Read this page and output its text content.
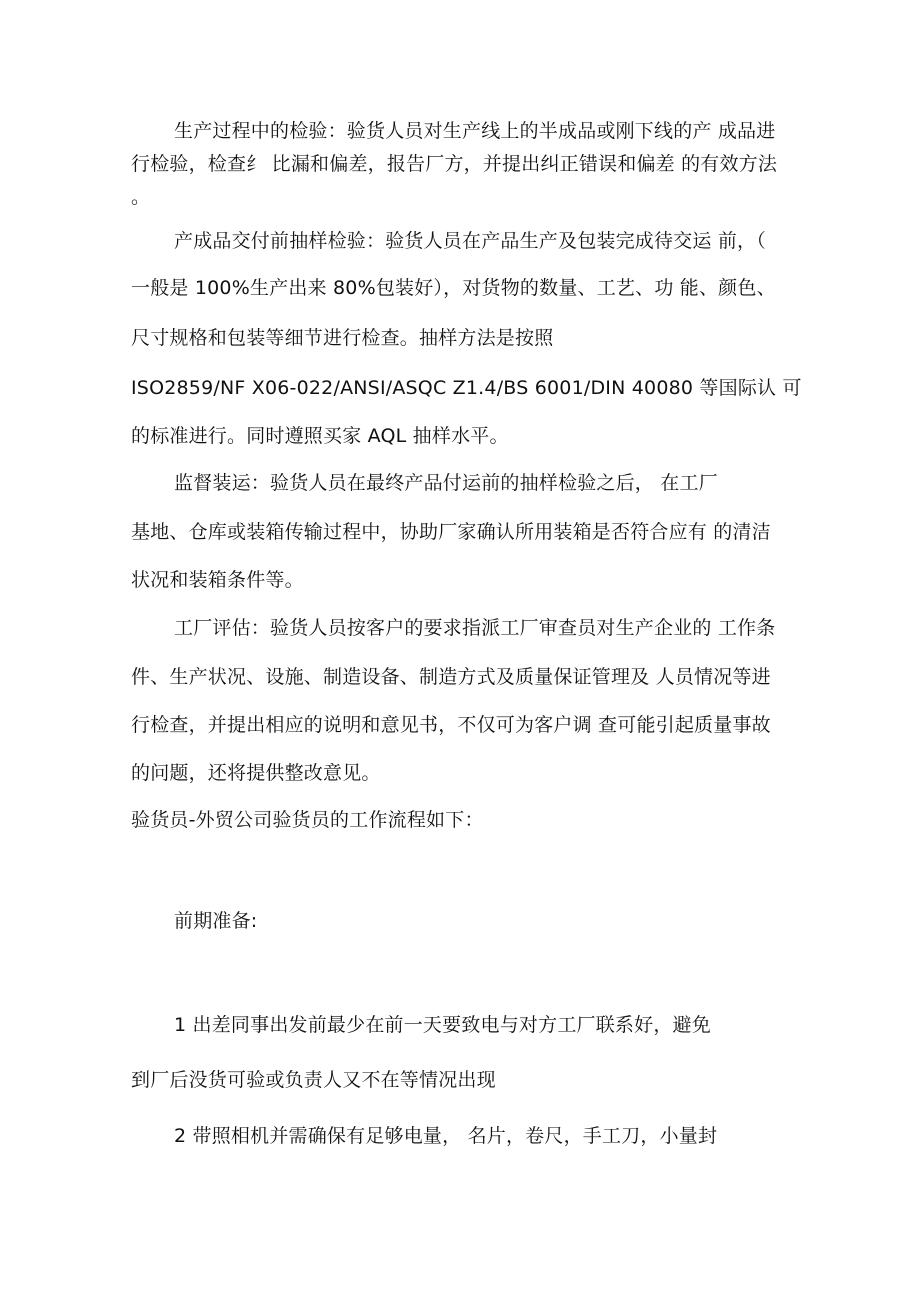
生产过程中的检验：验货人员对生产线上的半成品或刚下线的产 成品进
行检验，检查纟 比漏和偏差，报告厂方，并提出纠正错误和偏差 的有效方法
。
产成品交付前抽样检验：验货人员在产品生产及包装完成待交运 前，（
一般是 100%生产出来 80%包装好），对货物的数量、工艺、功 能、颜色、
尺寸规格和包装等细节进行检查。抽样方法是按照
ISO2859/NF X06-022/ANSI/ASQC Z1.4/BS 6001/DIN 40080 等国际认 可
的标准进行。同时遵照买家 AQL 抽样水平。
监督装运：验货人员在最终产品付运前的抽样检验之后， 在工厂
基地、仓库或装箱传输过程中，协助厂家确认所用装箱是否符合应有 的清洁
状况和装箱条件等。
工厂评估：验货人员按客户的要求指派工厂审查员对生产企业的 工作条
件、生产状况、设施、制造设备、制造方式及质量保证管理及 人员情况等进
行检查，并提出相应的说明和意见书，不仅可为客户调 查可能引起质量事故
的问题，还将提供整改意见。
验货员-外贸公司验货员的工作流程如下：
前期准备:
1 出差同事出发前最少在前一天要致电与对方工厂联系好，避免
到厂后没货可验或负责人又不在等情况出现
2 带照相机并需确保有足够电量， 名片，卷尺，手工刀，小量封
